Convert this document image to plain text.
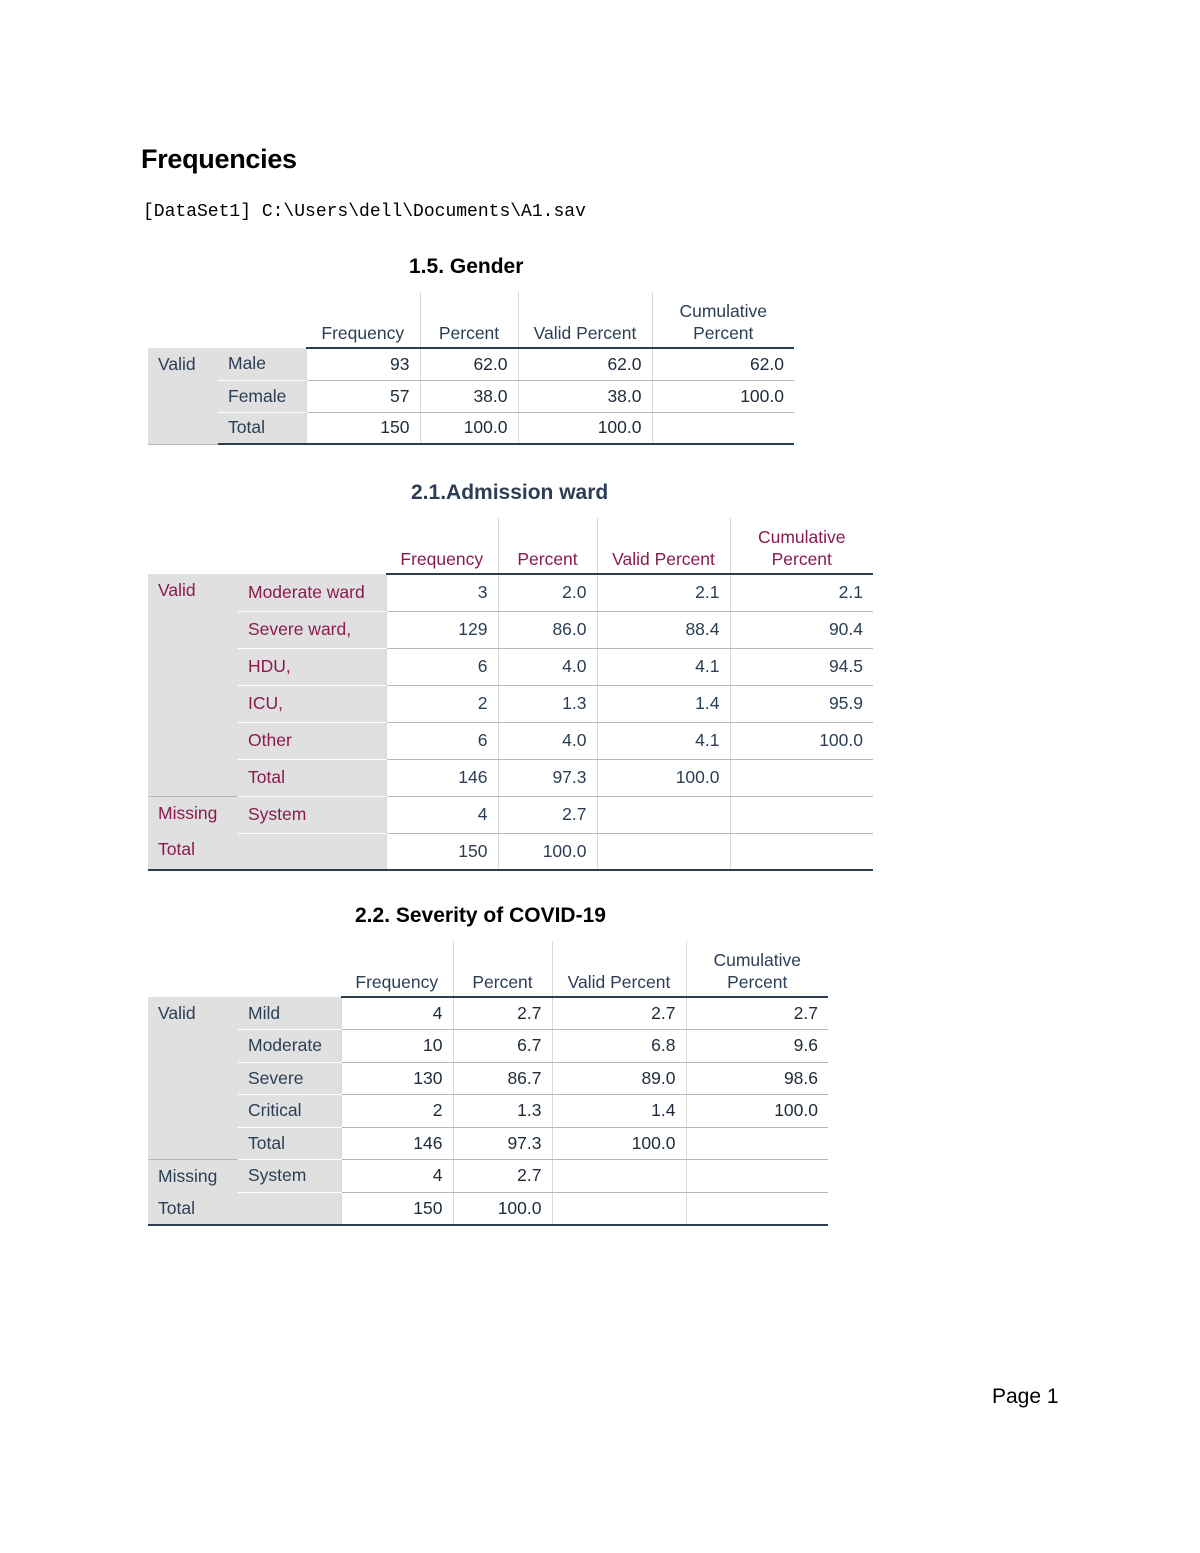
Frequencies
[DataSet1] C:\Users\dell\Documents\A1.sav
1.5. Gender
		Frequency	Percent	Valid Percent	Cumulative Percent
Valid	Male	93	62.0	62.0	62.0
	Female	57	38.0	38.0	100.0
	Total	150	100.0	100.0	
2.1.Admission ward
		Frequency	Percent	Valid Percent	Cumulative Percent
Valid	Moderate ward	3	2.0	2.1	2.1
	Severe ward,	129	86.0	88.4	90.4
	HDU,	6	4.0	4.1	94.5
	ICU,	2	1.3	1.4	95.9
	Other	6	4.0	4.1	100.0
	Total	146	97.3	100.0	
Missing	System	4	2.7		
Total		150	100.0		
2.2. Severity of COVID-19
		Frequency	Percent	Valid Percent	Cumulative Percent
Valid	Mild	4	2.7	2.7	2.7
	Moderate	10	6.7	6.8	9.6
	Severe	130	86.7	89.0	98.6
	Critical	2	1.3	1.4	100.0
	Total	146	97.3	100.0	
Missing	System	4	2.7		
Total		150	100.0		
Page 1
